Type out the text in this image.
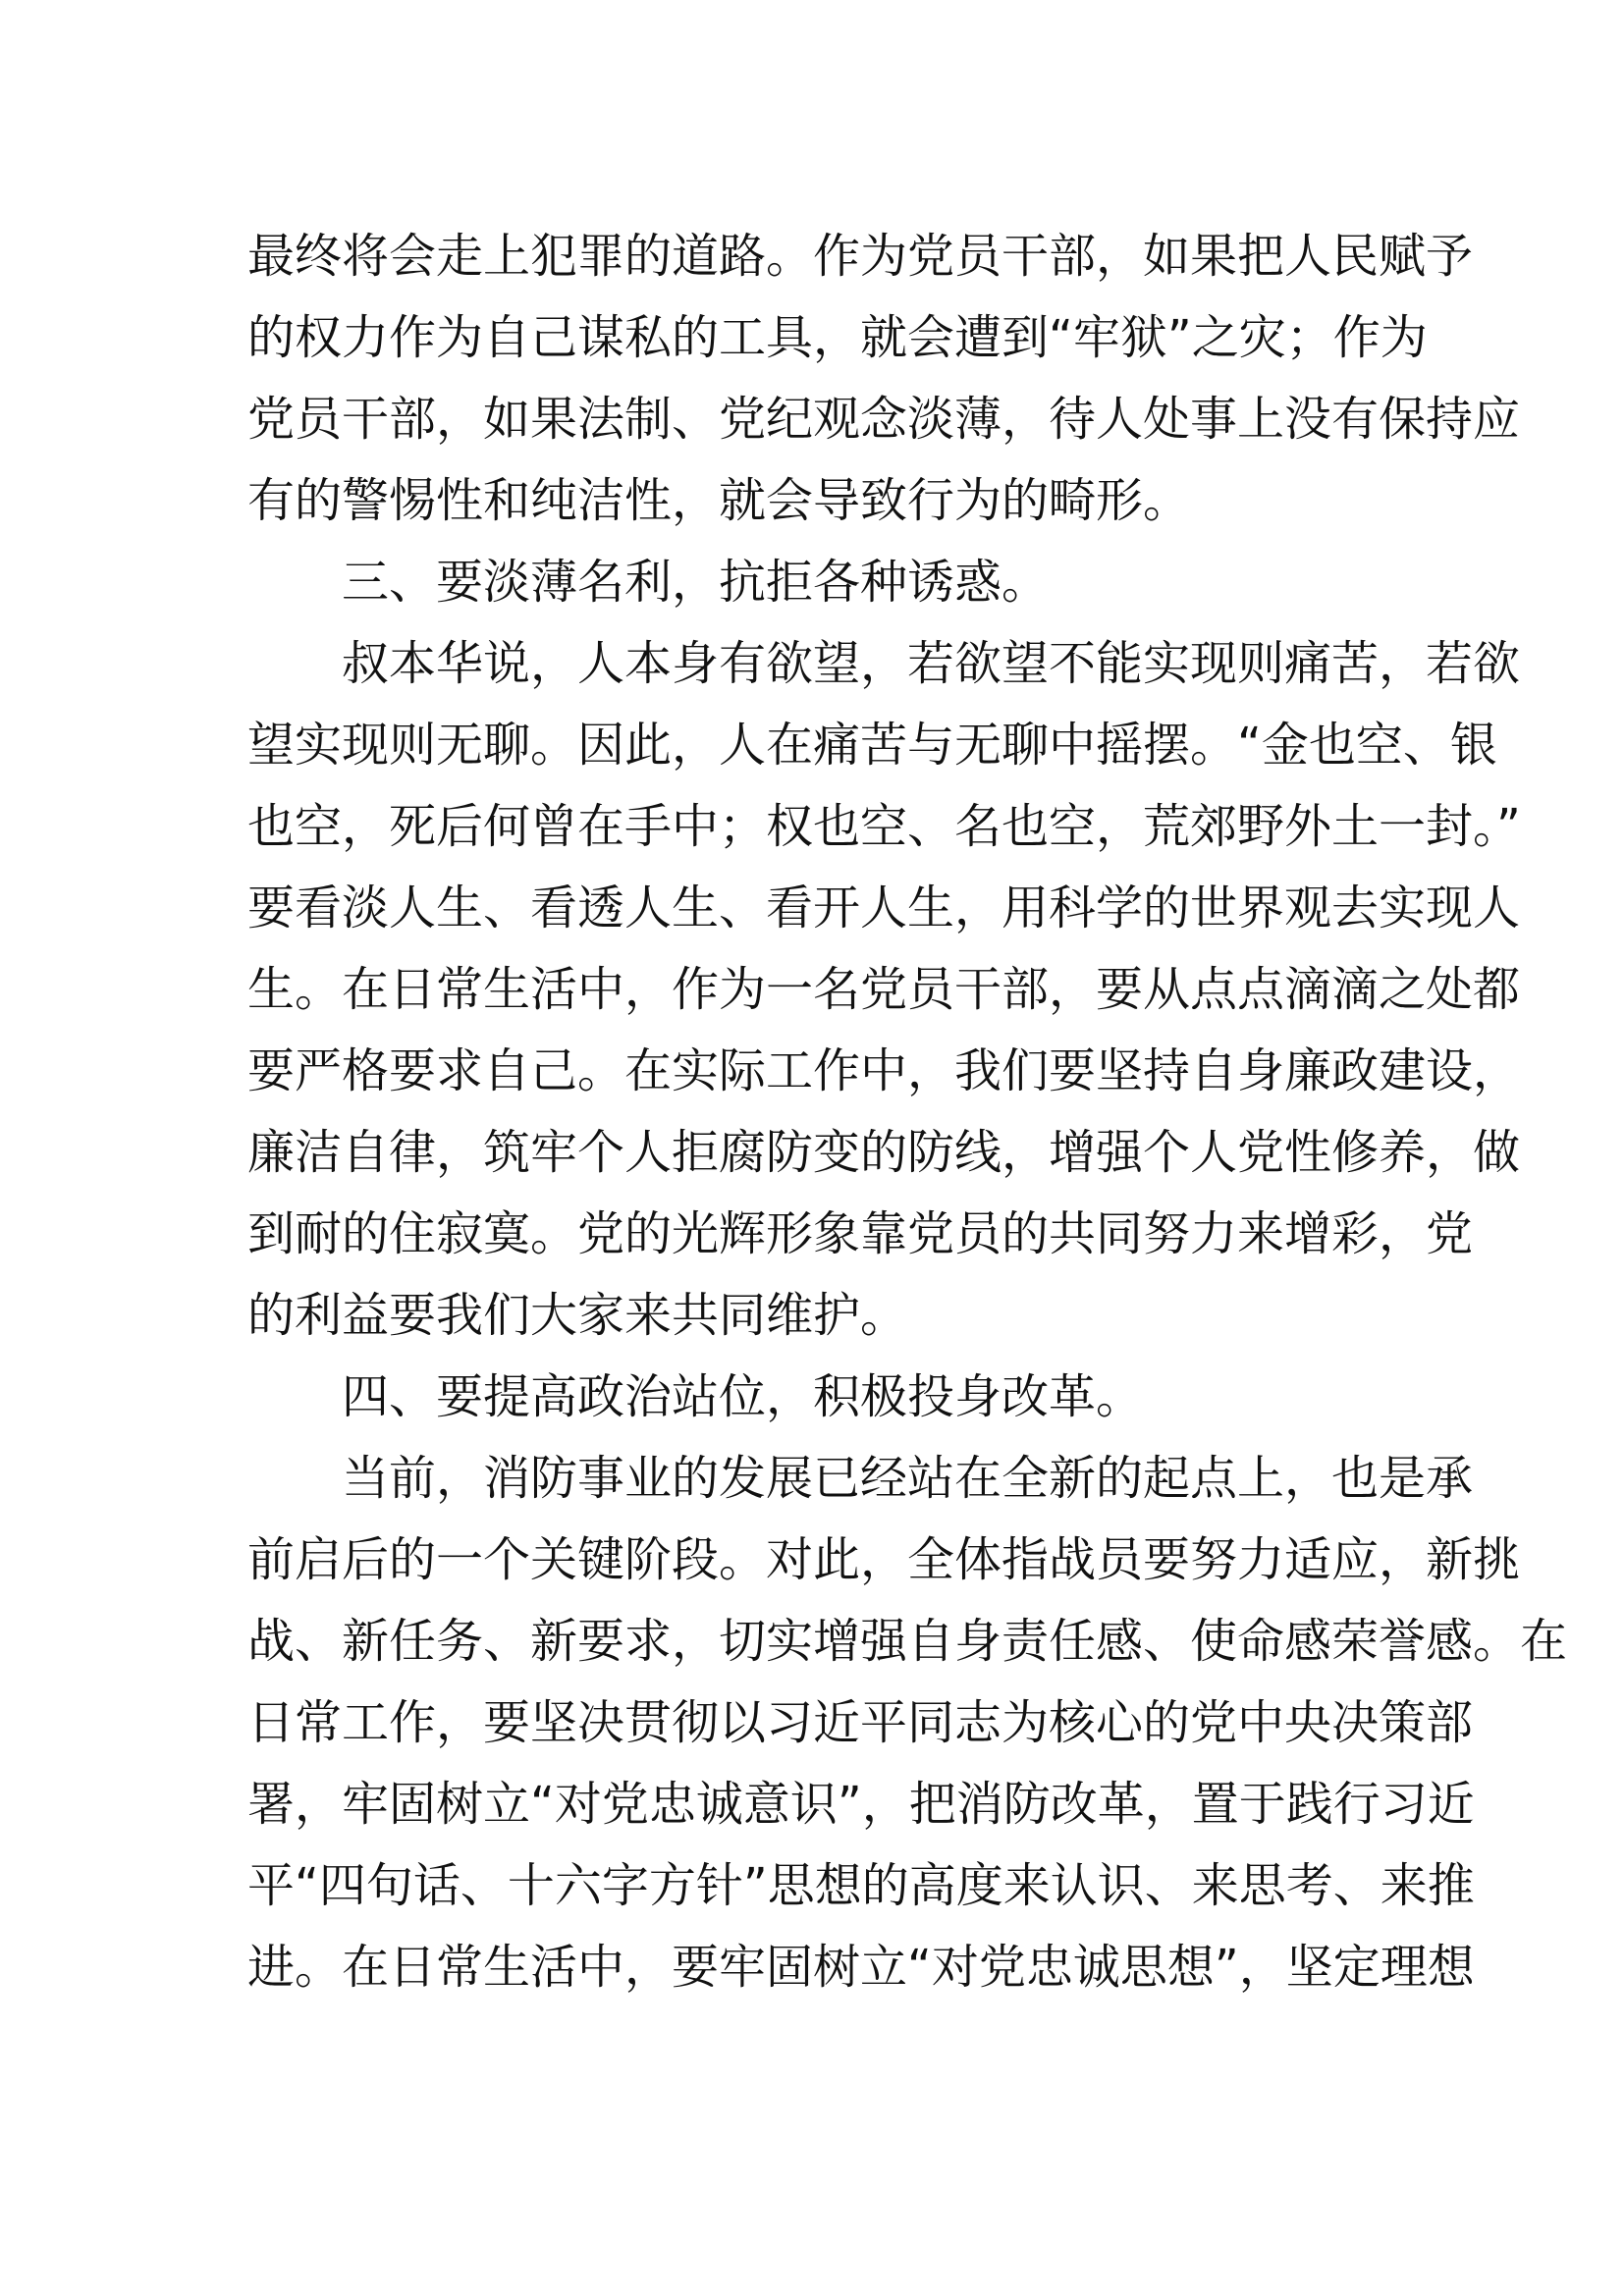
最终将会走上犯罪的道路。作为党员干部，如果把人民赋予
的权力作为自己谋私的工具，就会遭到“牢狱”之灾；作为
党员干部，如果法制、党纪观念淡薄，待人处事上没有保持应
有的警惕性和纯洁性，就会导致行为的畸形。
三、要淡薄名利，抗拒各种诱惑。
叔本华说，人本身有欲望，若欲望不能实现则痛苦，若欲
望实现则无聊。因此，人在痛苦与无聊中摇摆。“金也空、银
也空，死后何曾在手中；权也空、名也空，荒郊野外土一封。”
要看淡人生、看透人生、看开人生，用科学的世界观去实现人
生。在日常生活中，作为一名党员干部，要从点点滴滴之处都
要严格要求自己。在实际工作中，我们要坚持自身廉政建设，
廉洁自律，筑牢个人拒腐防变的防线，增强个人党性修养，做
到耐的住寂寞。党的光辉形象靠党员的共同努力来增彩，党
的利益要我们大家来共同维护。
四、要提高政治站位，积极投身改革。
当前，消防事业的发展已经站在全新的起点上，也是承
前启后的一个关键阶段。对此，全体指战员要努力适应，新挑
战、新任务、新要求，切实增强自身责任感、使命感荣誉感。在
日常工作，要坚决贯彻以习近平同志为核心的党中央决策部
署，牢固树立“对党忠诚意识”，把消防改革，置于践行习近
平“四句话、十六字方针”思想的高度来认识、来思考、来推
进。在日常生活中，要牢固树立“对党忠诚思想”，坚定理想
